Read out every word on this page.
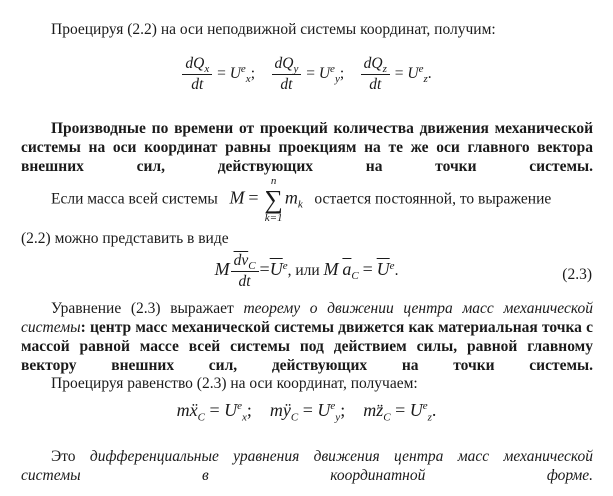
Проецируя (2.2) на оси неподвижной системы координат, получим:

$\frac{dQ_x}{dt} = U^e_x$; $\frac{dQ_y}{dt} = U^e_y$; $\frac{dQ_z}{dt} = U^e_z$.

Производные по времени от проекций количества движения механической системы на оси координат равны проекциям на те же оси главного вектора внешних сил, действующих на точки системы.

Если масса всей системы M =
n
∑
k=1
$m_k$ остается постоянной, то выражение

(2.2) можно представить в виде

M $\frac{\overline{dv}_C}{dt} =\overline{U}^e$, или M $\overline{a}_C = \overline{U}^e$.	(2.3)

Уравнение (2.3) выражает теорему о движении центра масс механической системы: центр масс механической системы движется как материальная точка с массой равной массе всей системы под действием силы, равной главному вектору внешних сил, действующих на точки системы.

Проецируя равенство (2.3) на оси координат, получаем:

mẍ$_C$ = $U^e_x$; $mÿ_C = U^e_y$; $mz̈_C = U^e_z$.

Это дифференциальные уравнения движения центра масс механической системы в координатной форме.
